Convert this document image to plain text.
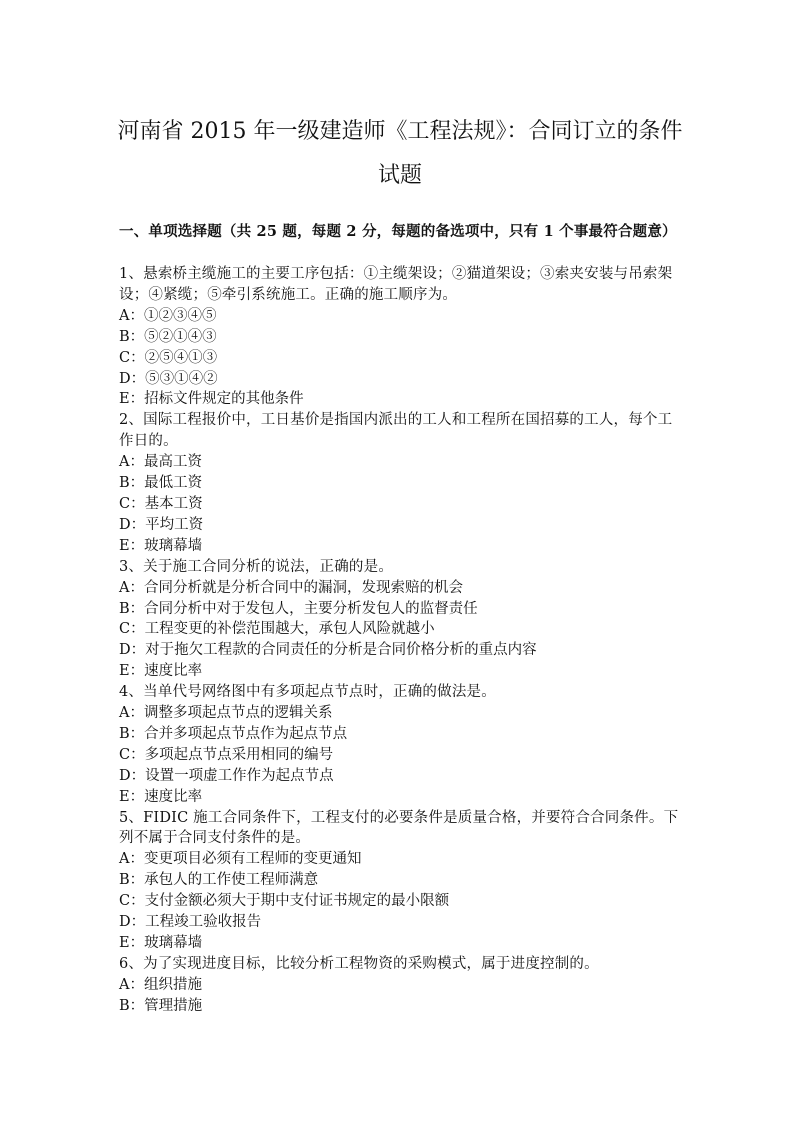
河南省 2015 年一级建造师《工程法规》：合同订立的条件
试题
一、单项选择题（共 25 题，每题 2 分，每题的备选项中，只有 1 个事最符合题意）

1、悬索桥主缆施工的主要工序包括：①主缆架设；②猫道架设；③索夹安装与吊索架设；④紧缆；⑤牵引系统施工。正确的施工顺序为。

A：①②③④⑤

B：⑤②①④③

C：②⑤④①③

D：⑤③①④②

E：招标文件规定的其他条件

2、国际工程报价中，工日基价是指国内派出的工人和工程所在国招募的工人，每个工作日的。

A：最高工资

B：最低工资

C：基本工资

D：平均工资

E：玻璃幕墙

3、关于施工合同分析的说法，正确的是。

A：合同分析就是分析合同中的漏洞，发现索赔的机会

B：合同分析中对于发包人，主要分析发包人的监督责任

C：工程变更的补偿范围越大，承包人风险就越小

D：对于拖欠工程款的合同责任的分析是合同价格分析的重点内容

E：速度比率

4、当单代号网络图中有多项起点节点时，正确的做法是。

A：调整多项起点节点的逻辑关系

B：合并多项起点节点作为起点节点

C：多项起点节点采用相同的编号

D：设置一项虚工作作为起点节点

E：速度比率

5、FIDIC 施工合同条件下，工程支付的必要条件是质量合格，并要符合合同条件。下列不属于合同支付条件的是。

A：变更项目必须有工程师的变更通知

B：承包人的工作使工程师满意

C：支付金额必须大于期中支付证书规定的最小限额

D：工程竣工验收报告

E：玻璃幕墙

6、为了实现进度目标，比较分析工程物资的采购模式，属于进度控制的。

A：组织措施

B：管理措施
